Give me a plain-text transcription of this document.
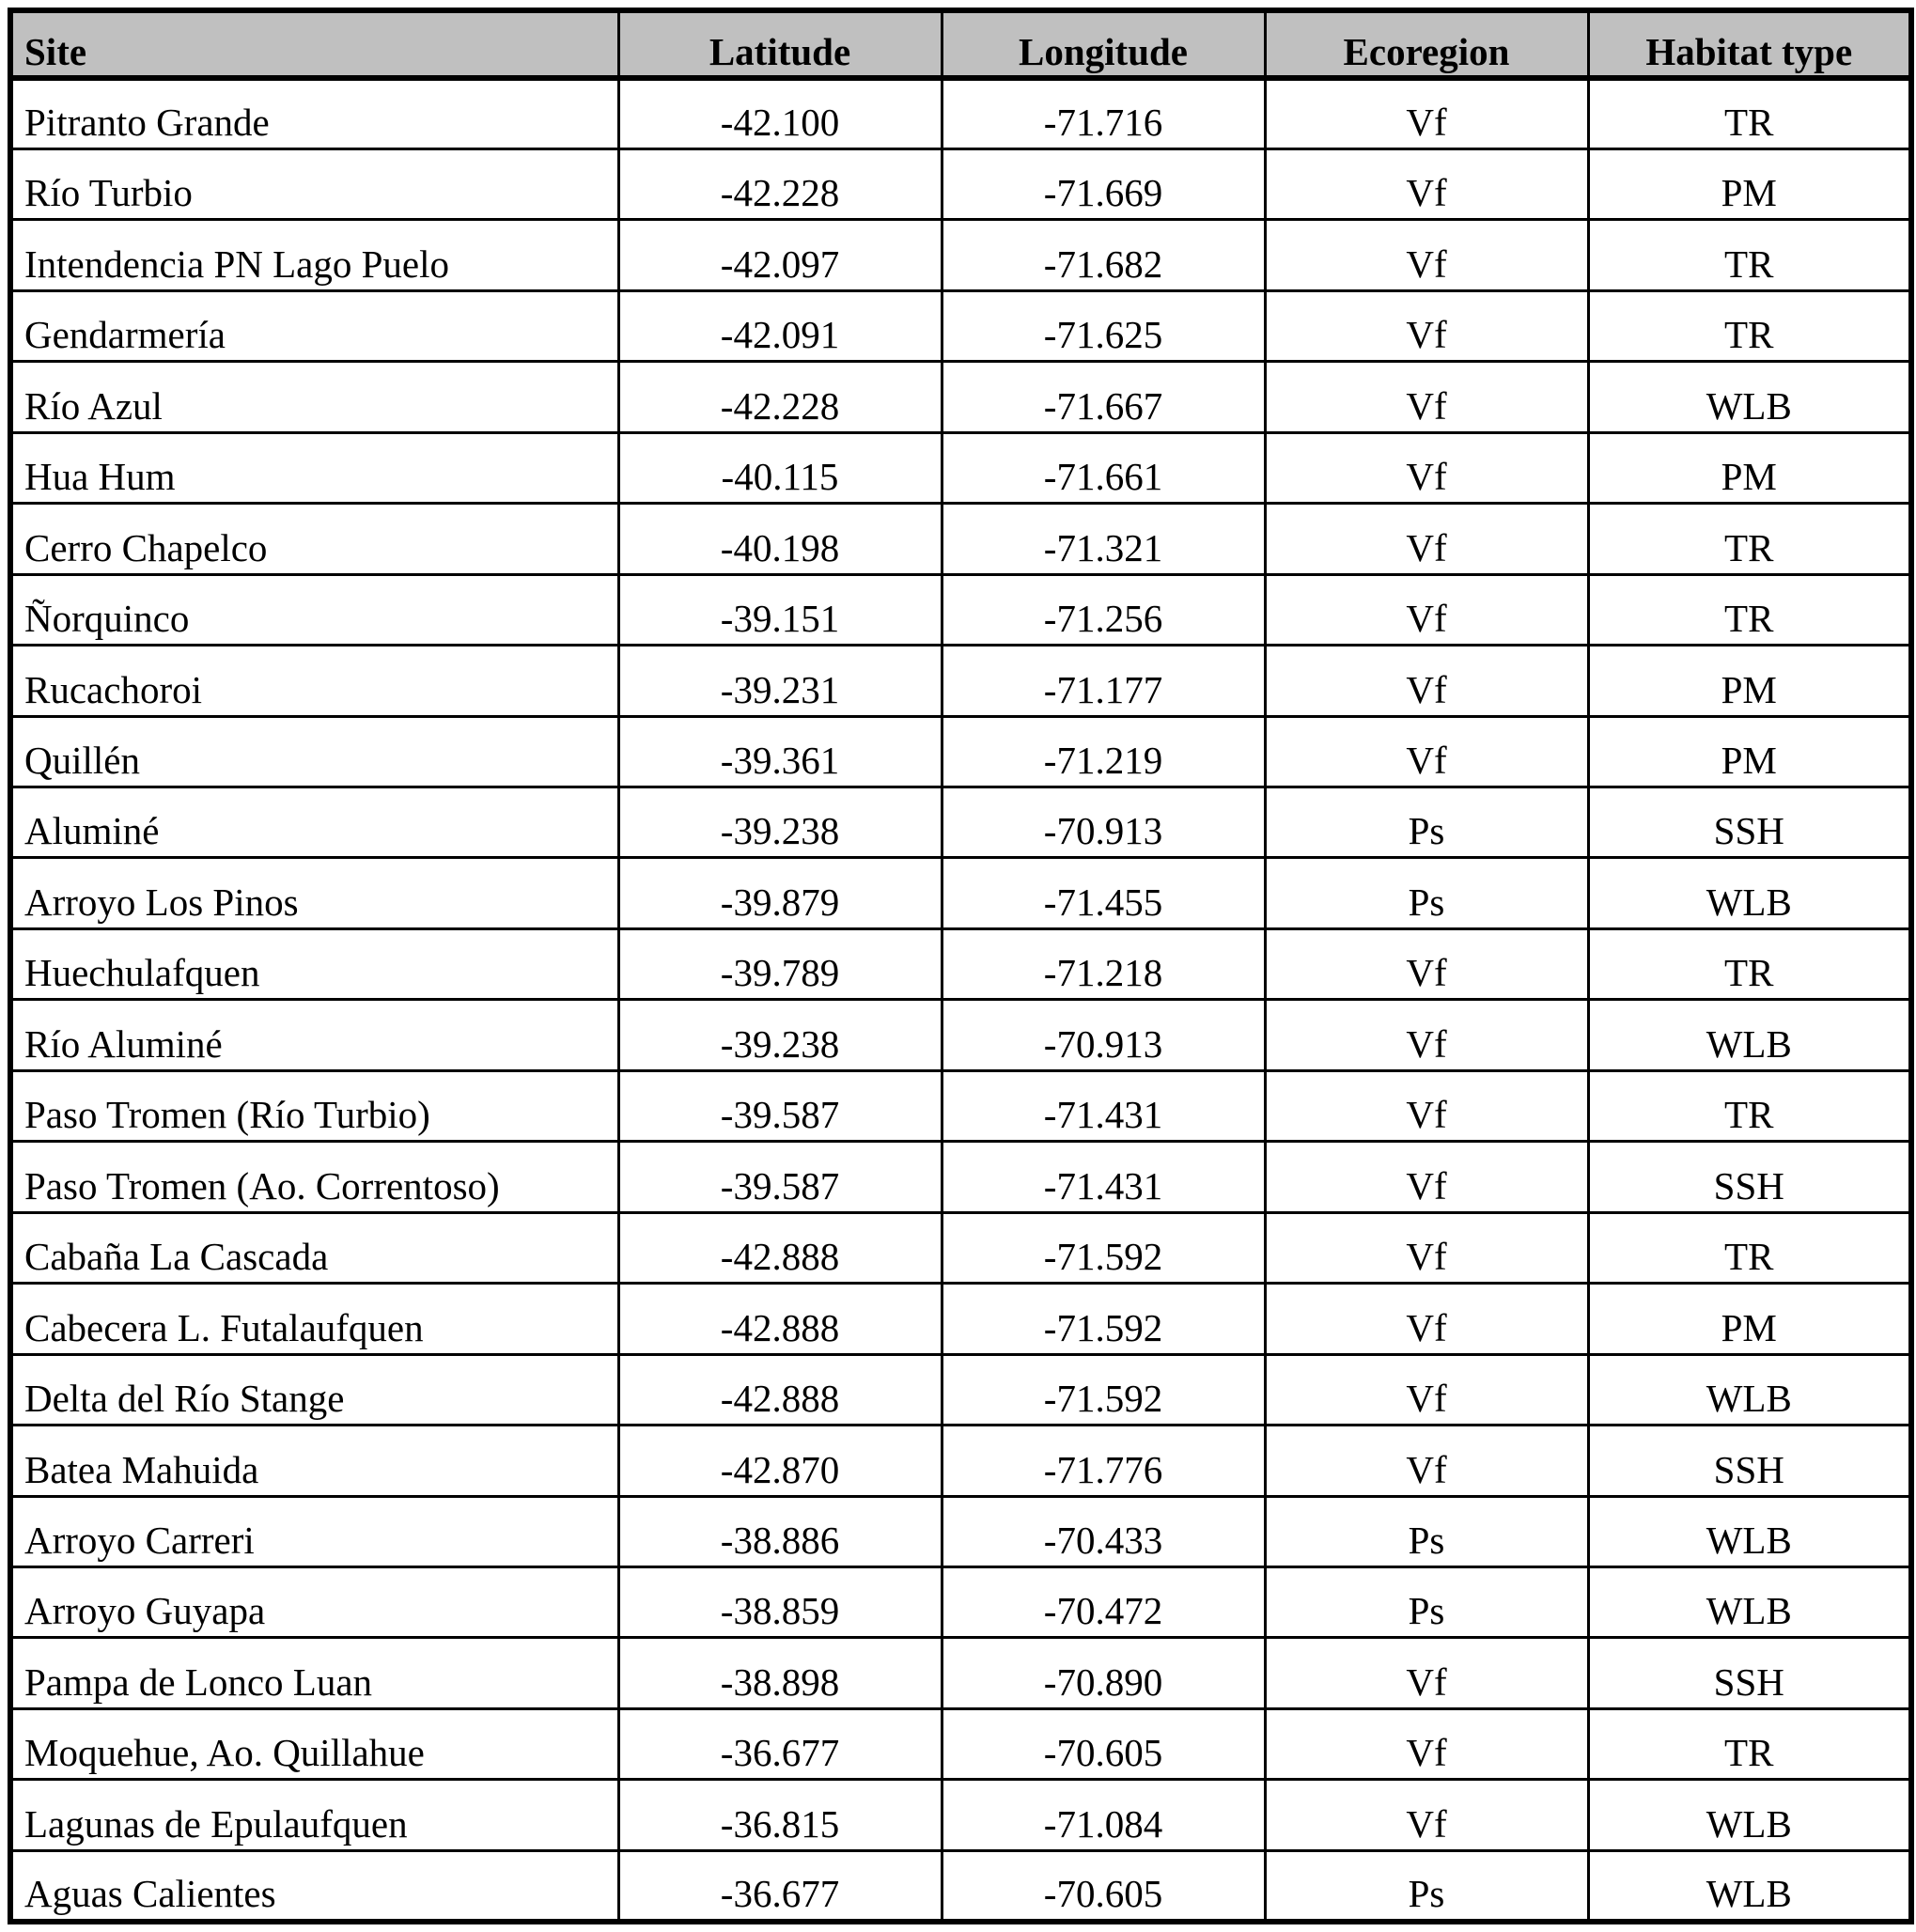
Site	Latitude	Longitude	Ecoregion	Habitat type
Pitranto Grande	-42.100	-71.716	Vf	TR
Río Turbio	-42.228	-71.669	Vf	PM
Intendencia PN Lago Puelo	-42.097	-71.682	Vf	TR
Gendarmería	-42.091	-71.625	Vf	TR
Río Azul	-42.228	-71.667	Vf	WLB
Hua Hum	-40.115	-71.661	Vf	PM
Cerro Chapelco	-40.198	-71.321	Vf	TR
Ñorquinco	-39.151	-71.256	Vf	TR
Rucachoroi	-39.231	-71.177	Vf	PM
Quillén	-39.361	-71.219	Vf	PM
Aluminé	-39.238	-70.913	Ps	SSH
Arroyo Los Pinos	-39.879	-71.455	Ps	WLB
Huechulafquen	-39.789	-71.218	Vf	TR
Río Aluminé	-39.238	-70.913	Vf	WLB
Paso Tromen (Río Turbio)	-39.587	-71.431	Vf	TR
Paso Tromen (Ao. Correntoso)	-39.587	-71.431	Vf	SSH
Cabaña La Cascada	-42.888	-71.592	Vf	TR
Cabecera L. Futalaufquen	-42.888	-71.592	Vf	PM
Delta del Río Stange	-42.888	-71.592	Vf	WLB
Batea Mahuida	-42.870	-71.776	Vf	SSH
Arroyo Carreri	-38.886	-70.433	Ps	WLB
Arroyo Guyapa	-38.859	-70.472	Ps	WLB
Pampa de Lonco Luan	-38.898	-70.890	Vf	SSH
Moquehue, Ao. Quillahue	-36.677	-70.605	Vf	TR
Lagunas de Epulaufquen	-36.815	-71.084	Vf	WLB
Aguas Calientes	-36.677	-70.605	Ps	WLB
